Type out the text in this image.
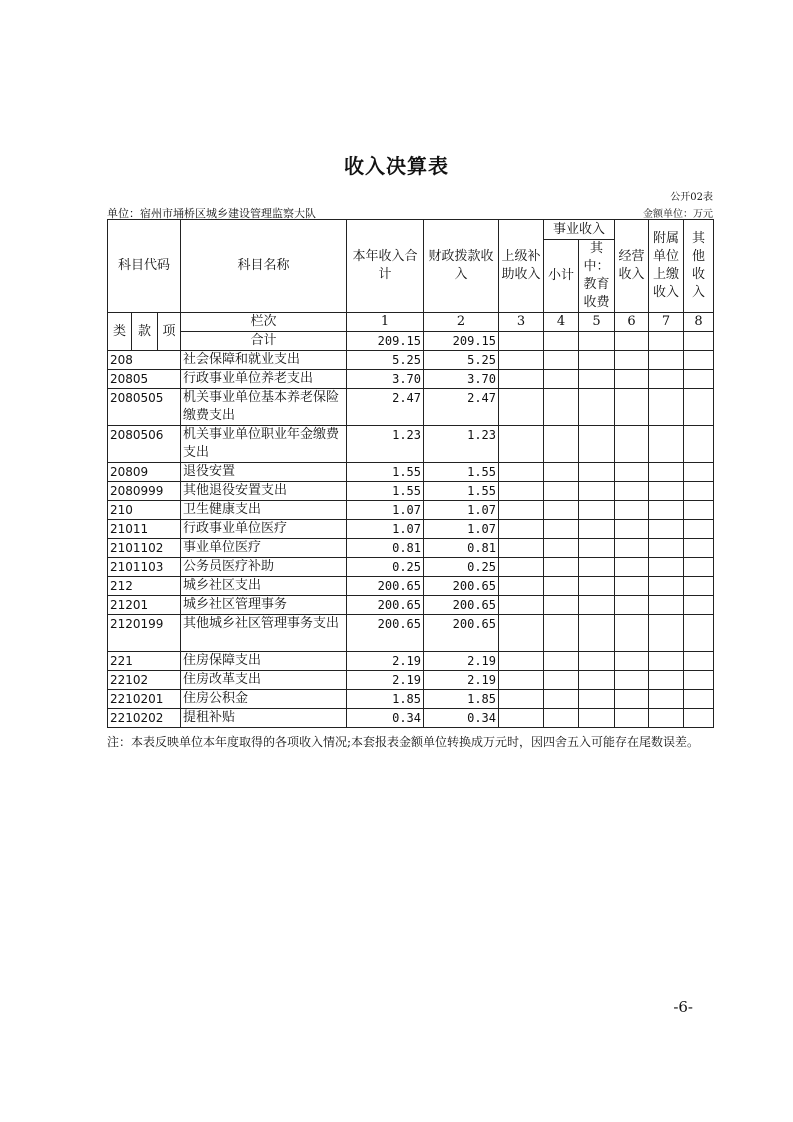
收入决算表
公开02表
单位：宿州市埇桥区城乡建设管理监察大队	金额单位：万元
科目代码			科目名称	本年收入合计	财政拨款收入	上级补助收入	事业收入		经营收入	附属单位上缴收入	其他收入
							小计	其中：教育收费			

类	款	项	栏次	1	2	3	4	5	6	7	8
			合计	209.15	209.15						
208			社会保障和就业支出	5.25	5.25						
20805			行政事业单位养老支出	3.70	3.70						
2080505			机关事业单位基本养老保险缴费支出	2.47	2.47						
2080506			机关事业单位职业年金缴费支出	1.23	1.23						
20809			退役安置	1.55	1.55						
2080999			其他退役安置支出	1.55	1.55						
210			卫生健康支出	1.07	1.07						
21011			行政事业单位医疗	1.07	1.07						
2101102			事业单位医疗	0.81	0.81						
2101103			公务员医疗补助	0.25	0.25						
212			城乡社区支出	200.65	200.65						
21201			城乡社区管理事务	200.65	200.65						
2120199			其他城乡社区管理事务支出	200.65	200.65						
221			住房保障支出	2.19	2.19						
22102			住房改革支出	2.19	2.19						
2210201			住房公积金	1.85	1.85						
2210202			提租补贴	0.34	0.34						
注：本表反映单位本年度取得的各项收入情况;本套报表金额单位转换成万元时，因四舍五入可能存在尾数误差。
-6-
